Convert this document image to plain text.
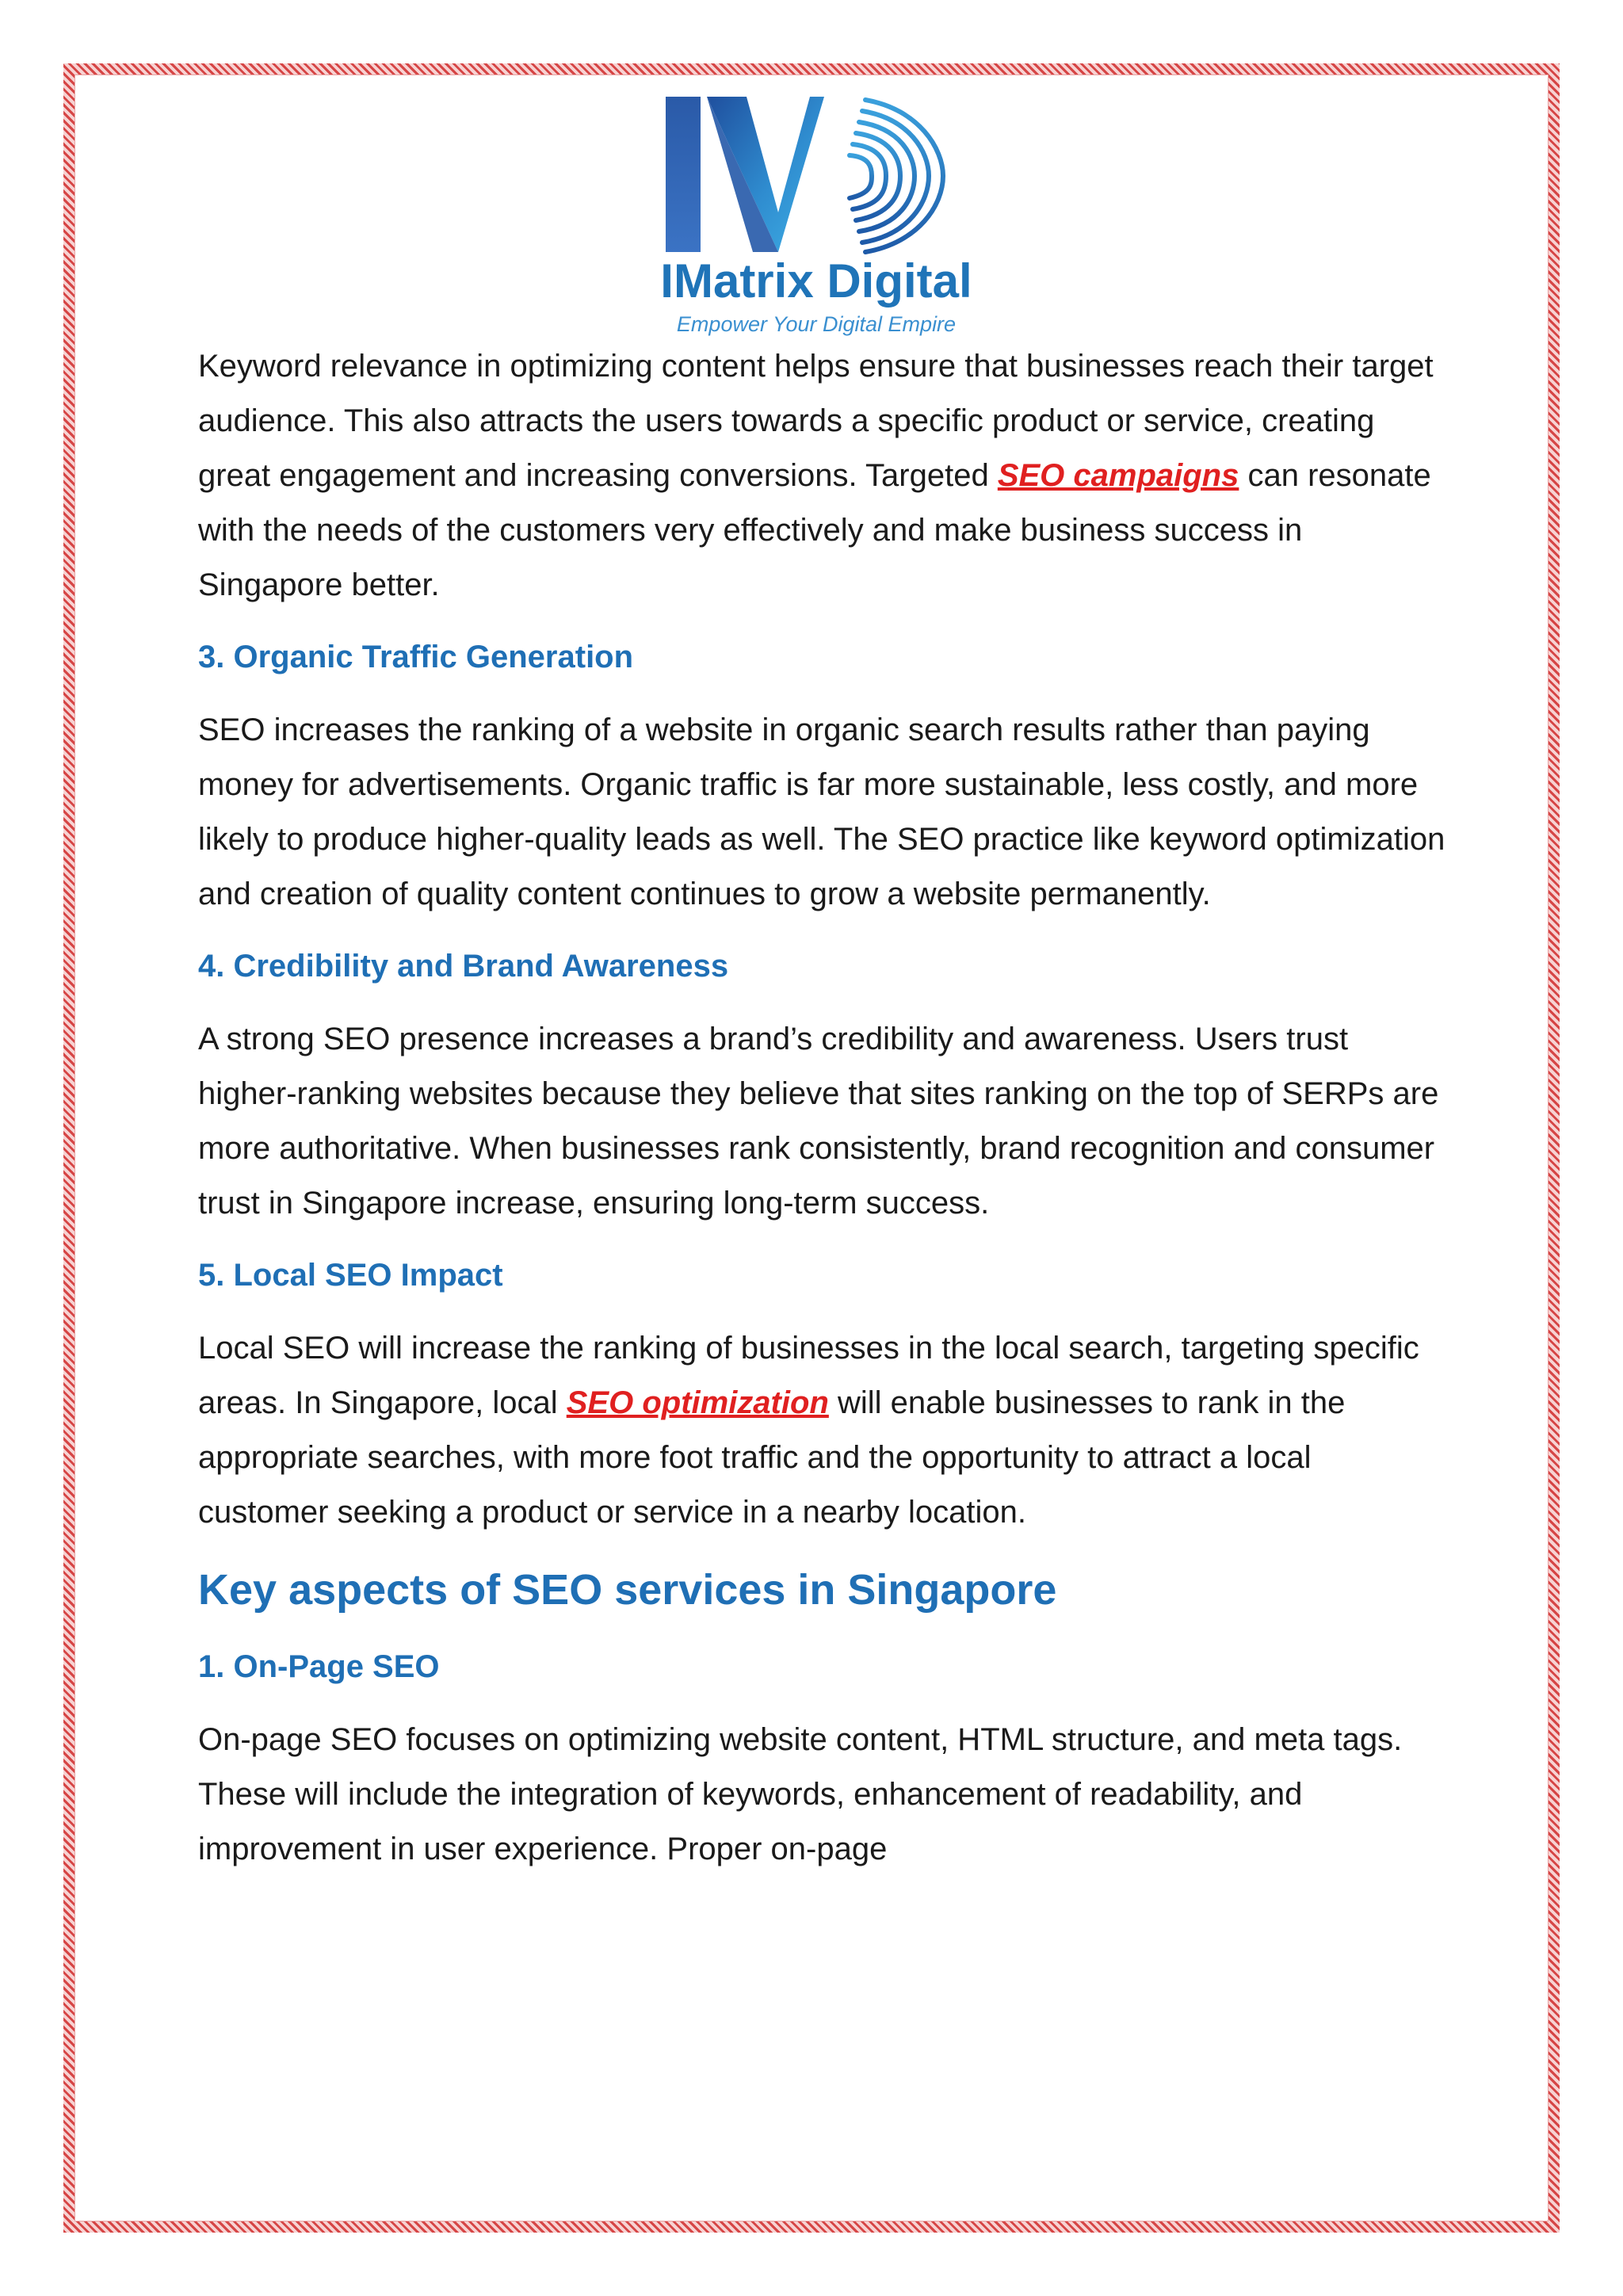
IMatrix Digital
Empower Your Digital Empire

Keyword relevance in optimizing content helps ensure that businesses reach their target audience. This also attracts the users towards a specific product or service, creating great engagement and increasing conversions. Targeted SEO campaigns can resonate with the needs of the customers very effectively and make business success in Singapore better.

3. Organic Traffic Generation

SEO increases the ranking of a website in organic search results rather than paying money for advertisements. Organic traffic is far more sustainable, less costly, and more likely to produce higher-quality leads as well. The SEO practice like keyword optimization and creation of quality content continues to grow a website permanently.

4. Credibility and Brand Awareness

A strong SEO presence increases a brand’s credibility and awareness. Users trust higher-ranking websites because they believe that sites ranking on the top of SERPs are more authoritative. When businesses rank consistently, brand recognition and consumer trust in Singapore increase, ensuring long-term success.

5. Local SEO Impact

Local SEO will increase the ranking of businesses in the local search, targeting specific areas. In Singapore, local SEO optimization will enable businesses to rank in the appropriate searches, with more foot traffic and the opportunity to attract a local customer seeking a product or service in a nearby location.

Key aspects of SEO services in Singapore
1. On-Page SEO

On-page SEO focuses on optimizing website content, HTML structure, and meta tags. These will include the integration of keywords, enhancement of readability, and improvement in user experience. Proper on-page
